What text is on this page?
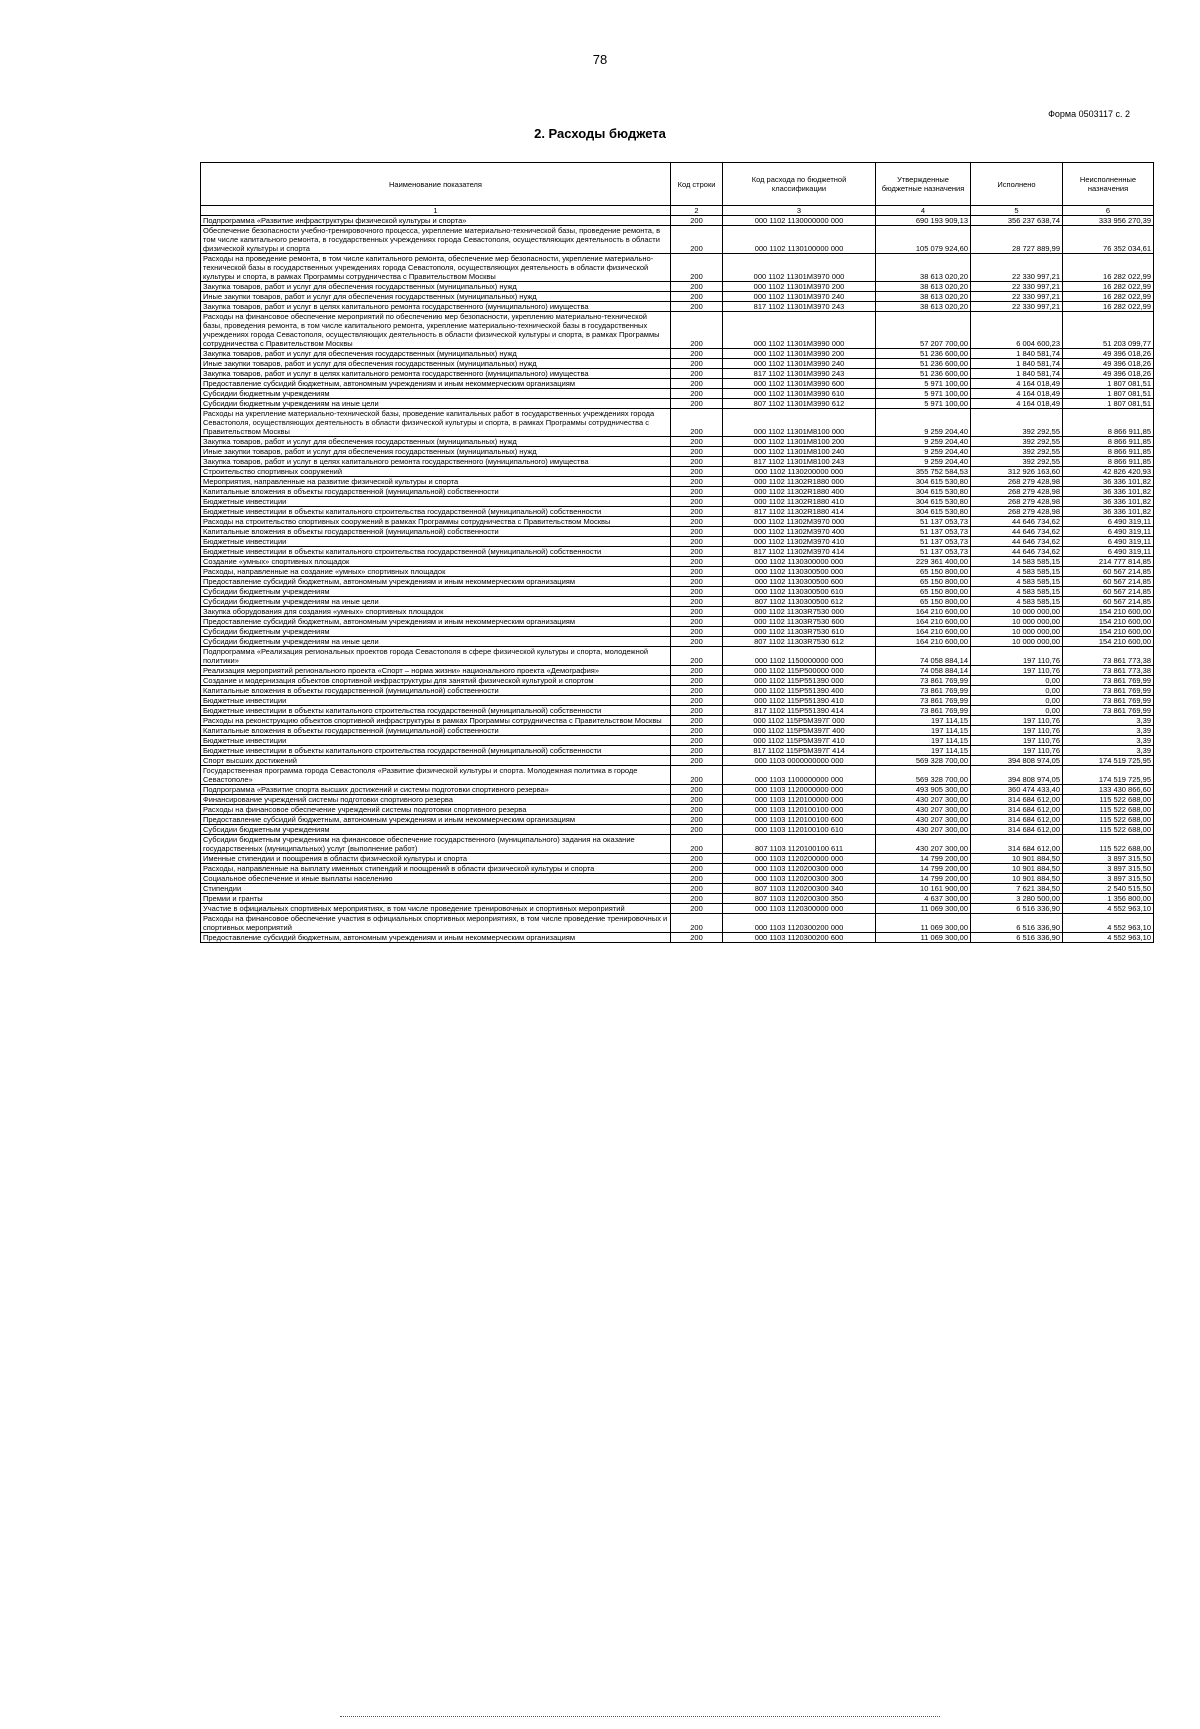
78
Форма 0503117 с. 2
2. Расходы бюджета
Наименование показателя	Код строки	Код расхода по бюджетной классификации	Утвержденные бюджетные назначения	Исполнено	Неисполненные назначения
1	2	3	4	5	6
Подпрограмма «Развитие инфраструктуры физической культуры и спорта»	200	000 1102 1130000000 000	690 193 909,13	356 237 638,74	333 956 270,39
Обеспечение безопасности учебно-тренировочного процесса, укрепление материально-технической базы, проведение ремонта, в том числе капитального ремонта, в государственных учреждениях города Севастополя, осуществляющих деятельность в области физической культуры и спорта	200	000 1102 1130100000 000	105 079 924,60	28 727 889,99	76 352 034,61
Расходы на проведение ремонта, в том числе капитального ремонта, обеспечение мер безопасности, укрепление материально-технической базы в государственных учреждениях города Севастополя, осуществляющих деятельность в области физической культуры и спорта, в рамках Программы сотрудничества с Правительством Москвы	200	000 1102 11301M3970 000	38 613 020,20	22 330 997,21	16 282 022,99
Закупка товаров, работ и услуг для обеспечения государственных (муниципальных) нужд	200	000 1102 11301M3970 200	38 613 020,20	22 330 997,21	16 282 022,99
Иные закупки товаров, работ и услуг для обеспечения государственных (муниципальных) нужд	200	000 1102 11301M3970 240	38 613 020,20	22 330 997,21	16 282 022,99
Закупка товаров, работ и услуг в целях капитального ремонта государственного (муниципального) имущества	200	817 1102 11301M3970 243	38 613 020,20	22 330 997,21	16 282 022,99
Расходы на финансовое обеспечение мероприятий по обеспечению мер безопасности, укреплению материально-технической базы, проведения ремонта, в том числе капитального ремонта, укрепление материально-технической базы в государственных учреждениях города Севастополя, осуществляющих деятельность в области физической культуры и спорта, в рамках Программы сотрудничества с Правительством Москвы	200	000 1102 11301M3990 000	57 207 700,00	6 004 600,23	51 203 099,77
Закупка товаров, работ и услуг для обеспечения государственных (муниципальных) нужд	200	000 1102 11301M3990 200	51 236 600,00	1 840 581,74	49 396 018,26
Иные закупки товаров, работ и услуг для обеспечения государственных (муниципальных) нужд	200	000 1102 11301M3990 240	51 236 600,00	1 840 581,74	49 396 018,26
Закупка товаров, работ и услуг в целях капитального ремонта государственного (муниципального) имущества	200	817 1102 11301M3990 243	51 236 600,00	1 840 581,74	49 396 018,26
Предоставление субсидий бюджетным, автономным учреждениям и иным некоммерческим организациям	200	000 1102 11301M3990 600	5 971 100,00	4 164 018,49	1 807 081,51
Субсидии бюджетным учреждениям	200	000 1102 11301M3990 610	5 971 100,00	4 164 018,49	1 807 081,51
Субсидии бюджетным учреждениям на иные цели	200	807 1102 11301M3990 612	5 971 100,00	4 164 018,49	1 807 081,51
Расходы на укрепление материально-технической базы, проведение капитальных работ в государственных учреждениях города Севастополя, осуществляющих деятельность в области физической культуры и спорта, в рамках Программы сотрудничества с Правительством Москвы	200	000 1102 11301M8100 000	9 259 204,40	392 292,55	8 866 911,85
Закупка товаров, работ и услуг для обеспечения государственных (муниципальных) нужд	200	000 1102 11301M8100 200	9 259 204,40	392 292,55	8 866 911,85
Иные закупки товаров, работ и услуг для обеспечения государственных (муниципальных) нужд	200	000 1102 11301M8100 240	9 259 204,40	392 292,55	8 866 911,85
Закупка товаров, работ и услуг в целях капитального ремонта государственного (муниципального) имущества	200	817 1102 11301M8100 243	9 259 204,40	392 292,55	8 866 911,85
Строительство спортивных сооружений	200	000 1102 1130200000 000	355 752 584,53	312 926 163,60	42 826 420,93
Мероприятия, направленные на развитие физической культуры и спорта	200	000 1102 11302R1880 000	304 615 530,80	268 279 428,98	36 336 101,82
Капитальные вложения в объекты государственной (муниципальной) собственности	200	000 1102 11302R1880 400	304 615 530,80	268 279 428,98	36 336 101,82
Бюджетные инвестиции	200	000 1102 11302R1880 410	304 615 530,80	268 279 428,98	36 336 101,82
Бюджетные инвестиции в объекты капитального строительства государственной (муниципальной) собственности	200	817 1102 11302R1880 414	304 615 530,80	268 279 428,98	36 336 101,82
Расходы на строительство спортивных сооружений в рамках Программы сотрудничества с Правительством Москвы	200	000 1102 11302M3970 000	51 137 053,73	44 646 734,62	6 490 319,11
Капитальные вложения в объекты государственной (муниципальной) собственности	200	000 1102 11302M3970 400	51 137 053,73	44 646 734,62	6 490 319,11
Бюджетные инвестиции	200	000 1102 11302M3970 410	51 137 053,73	44 646 734,62	6 490 319,11
Бюджетные инвестиции в объекты капитального строительства государственной (муниципальной) собственности	200	817 1102 11302M3970 414	51 137 053,73	44 646 734,62	6 490 319,11
Создание «умных» спортивных площадок	200	000 1102 1130300000 000	229 361 400,00	14 583 585,15	214 777 814,85
Расходы, направленные на создание «умных» спортивных площадок	200	000 1102 1130300500 000	65 150 800,00	4 583 585,15	60 567 214,85
Предоставление субсидий бюджетным, автономным учреждениям и иным некоммерческим организациям	200	000 1102 1130300500 600	65 150 800,00	4 583 585,15	60 567 214,85
Субсидии бюджетным учреждениям	200	000 1102 1130300500 610	65 150 800,00	4 583 585,15	60 567 214,85
Субсидии бюджетным учреждениям на иные цели	200	807 1102 1130300500 612	65 150 800,00	4 583 585,15	60 567 214,85
Закупка оборудования для создания «умных» спортивных площадок	200	000 1102 11303R7530 000	164 210 600,00	10 000 000,00	154 210 600,00
Предоставление субсидий бюджетным, автономным учреждениям и иным некоммерческим организациям	200	000 1102 11303R7530 600	164 210 600,00	10 000 000,00	154 210 600,00
Субсидии бюджетным учреждениям	200	000 1102 11303R7530 610	164 210 600,00	10 000 000,00	154 210 600,00
Субсидии бюджетным учреждениям на иные цели	200	807 1102 11303R7530 612	164 210 600,00	10 000 000,00	154 210 600,00
Подпрограмма «Реализация региональных проектов города Севастополя в сфере физической культуры и спорта, молодежной политики»	200	000 1102 1150000000 000	74 058 884,14	197 110,76	73 861 773,38
Реализация мероприятий регионального проекта «Спорт – норма жизни» национального проекта «Демография»	200	000 1102 115P500000 000	74 058 884,14	197 110,76	73 861 773,38
Создание и модернизация объектов спортивной инфраструктуры для занятий физической культурой и спортом	200	000 1102 115P551390 000	73 861 769,99	0,00	73 861 769,99
Капитальные вложения в объекты государственной (муниципальной) собственности	200	000 1102 115P551390 400	73 861 769,99	0,00	73 861 769,99
Бюджетные инвестиции	200	000 1102 115P551390 410	73 861 769,99	0,00	73 861 769,99
Бюджетные инвестиции в объекты капитального строительства государственной (муниципальной) собственности	200	817 1102 115P551390 414	73 861 769,99	0,00	73 861 769,99
Расходы на реконструкцию объектов спортивной инфраструктуры в рамках Программы сотрудничества с Правительством Москвы	200	000 1102 115P5M397Г 000	197 114,15	197 110,76	3,39
Капитальные вложения в объекты государственной (муниципальной) собственности	200	000 1102 115P5M397Г 400	197 114,15	197 110,76	3,39
Бюджетные инвестиции	200	000 1102 115P5M397Г 410	197 114,15	197 110,76	3,39
Бюджетные инвестиции в объекты капитального строительства государственной (муниципальной) собственности	200	817 1102 115P5M397Г 414	197 114,15	197 110,76	3,39
Спорт высших достижений	200	000 1103 0000000000 000	569 328 700,00	394 808 974,05	174 519 725,95
Государственная программа города Севастополя «Развитие физической культуры и спорта. Молодежная политика в городе Севастополе»	200	000 1103 1100000000 000	569 328 700,00	394 808 974,05	174 519 725,95
Подпрограмма «Развитие спорта высших достижений и системы подготовки спортивного резерва»	200	000 1103 1120000000 000	493 905 300,00	360 474 433,40	133 430 866,60
Финансирование учреждений системы подготовки спортивного резерва	200	000 1103 1120100000 000	430 207 300,00	314 684 612,00	115 522 688,00
Расходы на финансовое обеспечение учреждений системы подготовки спортивного резерва	200	000 1103 1120100100 000	430 207 300,00	314 684 612,00	115 522 688,00
Предоставление субсидий бюджетным, автономным учреждениям и иным некоммерческим организациям	200	000 1103 1120100100 600	430 207 300,00	314 684 612,00	115 522 688,00
Субсидии бюджетным учреждениям	200	000 1103 1120100100 610	430 207 300,00	314 684 612,00	115 522 688,00
Субсидии бюджетным учреждениям на финансовое обеспечение государственного (муниципального) задания на оказание государственных (муниципальных) услуг (выполнение работ)	200	807 1103 1120100100 611	430 207 300,00	314 684 612,00	115 522 688,00
Именные стипендии и поощрения в области физической культуры и спорта	200	000 1103 1120200000 000	14 799 200,00	10 901 884,50	3 897 315,50
Расходы, направленные на выплату именных стипендий и поощрений в области физической культуры и спорта	200	000 1103 1120200300 000	14 799 200,00	10 901 884,50	3 897 315,50
Социальное обеспечение и иные выплаты населению	200	000 1103 1120200300 300	14 799 200,00	10 901 884,50	3 897 315,50
Стипендии	200	807 1103 1120200300 340	10 161 900,00	7 621 384,50	2 540 515,50
Премии и гранты	200	807 1103 1120200300 350	4 637 300,00	3 280 500,00	1 356 800,00
Участие в официальных спортивных мероприятиях, в том числе проведение тренировочных и спортивных мероприятий	200	000 1103 1120300000 000	11 069 300,00	6 516 336,90	4 552 963,10
Расходы на финансовое обеспечение участия в официальных спортивных мероприятиях, в том числе проведение тренировочных и спортивных мероприятий	200	000 1103 1120300200 000	11 069 300,00	6 516 336,90	4 552 963,10
Предоставление субсидий бюджетным, автономным учреждениям и иным некоммерческим организациям	200	000 1103 1120300200 600	11 069 300,00	6 516 336,90	4 552 963,10
